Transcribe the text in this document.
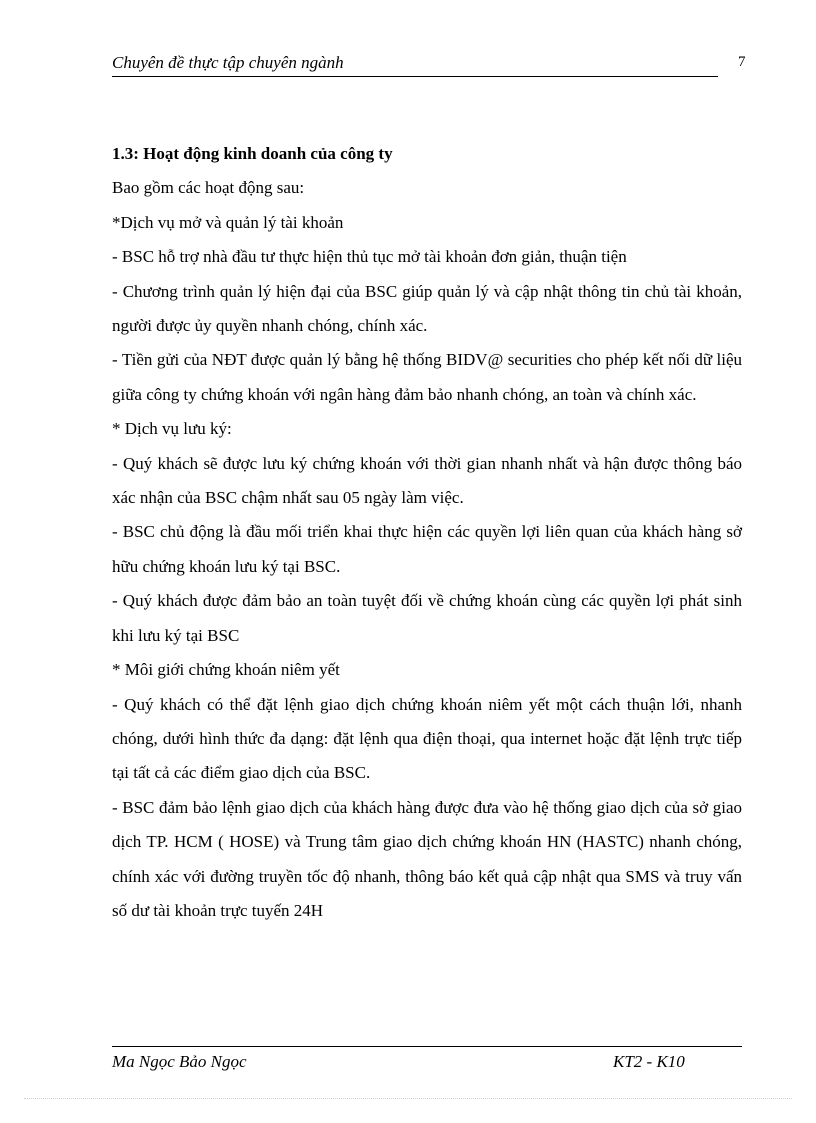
Chuyên đề thực tập chuyên ngành	7

1.3: Hoạt động kinh doanh của công ty

Bao gồm các hoạt động sau:

*Dịch vụ mở và quản lý tài khoản

- BSC hỗ trợ nhà đầu tư thực hiện thủ tục mở tài khoản đơn giản, thuận tiện

- Chương trình quản lý hiện đại của BSC giúp quản lý và cập nhật thông tin chủ tài khoản, người được ủy quyền nhanh chóng, chính xác.

- Tiền gửi của NĐT được quản lý bằng hệ thống BIDV@ securities cho phép kết nối dữ liệu giữa công ty chứng khoán với ngân hàng đảm bảo nhanh chóng, an toàn và chính xác.

* Dịch vụ lưu ký:

- Quý khách sẽ được lưu ký chứng khoán với thời gian nhanh nhất và hận được thông báo xác nhận của BSC chậm nhất sau 05 ngày làm việc.

- BSC chủ động là đầu mối triển khai thực hiện các quyền lợi liên quan của khách hàng sở hữu chứng khoán lưu ký tại BSC.

- Quý khách được đảm bảo an toàn tuyệt đối về chứng khoán cùng các quyền lợi phát sinh khi lưu ký tại BSC

* Môi giới chứng khoán niêm yết

- Quý khách có thể đặt lệnh giao dịch chứng khoán niêm yết một cách thuận lới, nhanh chóng, dưới hình thức đa dạng: đặt lệnh qua điện thoại, qua internet hoặc đặt lệnh trực tiếp tại tất cả các điểm giao dịch của BSC.

- BSC đảm bảo lệnh giao dịch của khách hàng được đưa vào hệ thống giao dịch của sở giao dịch TP. HCM ( HOSE) và Trung tâm giao dịch chứng khoán HN (HASTC) nhanh chóng, chính xác với đường truyền tốc độ nhanh, thông báo kết quả cập nhật qua SMS và truy vấn số dư tài khoản trực tuyến 24H

Ma Ngọc Bảo Ngọc	KT2 - K10
